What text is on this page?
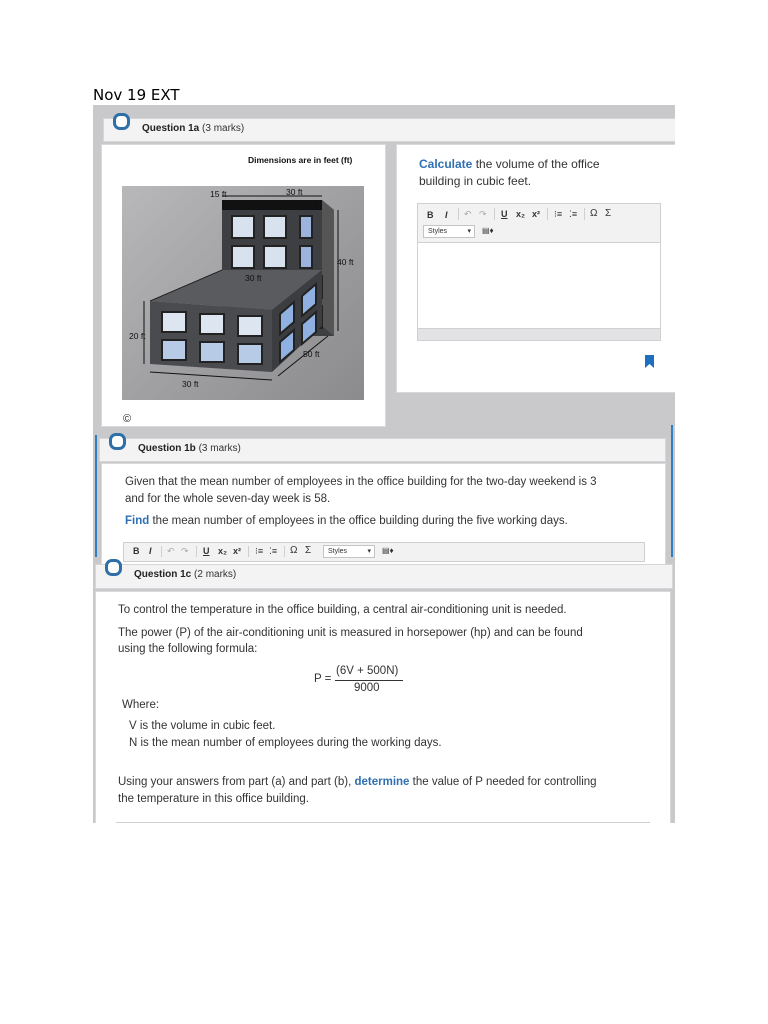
Nov 19 EXT
Question 1a (3 marks)
Dimensions are in feet (ft)
15 ft	30 ft
15 ft
40 ft
30 ft
20 ft
50 ft
30 ft
©
Calculate the volume of the office
building in cubic feet.
B I ↶ ↷ U x₂ x² ⁝≡ ⁚≡ Ω Σ
Styles	▾ ▤♦
Question 1b (3 marks)
Given that the mean number of employees in the office building for the two-day weekend is 3
and for the whole seven-day week is 58.
Find the mean number of employees in the office building during the five working days.
B I ↶ ↷ U x₂ x² ⁝≡ ⁚≡ Ω Σ	Styles	▾ ▤♦
Question 1c (2 marks)
To control the temperature in the office building, a central air-conditioning unit is needed.
The power (P) of the air-conditioning unit is measured in horsepower (hp) and can be found
using the following formula:
P =
(6V + 500N)
9000
Where:
V is the volume in cubic feet.
N is the mean number of employees during the working days.
Using your answers from part (a) and part (b), determine the value of P needed for controlling
the temperature in this office building.
